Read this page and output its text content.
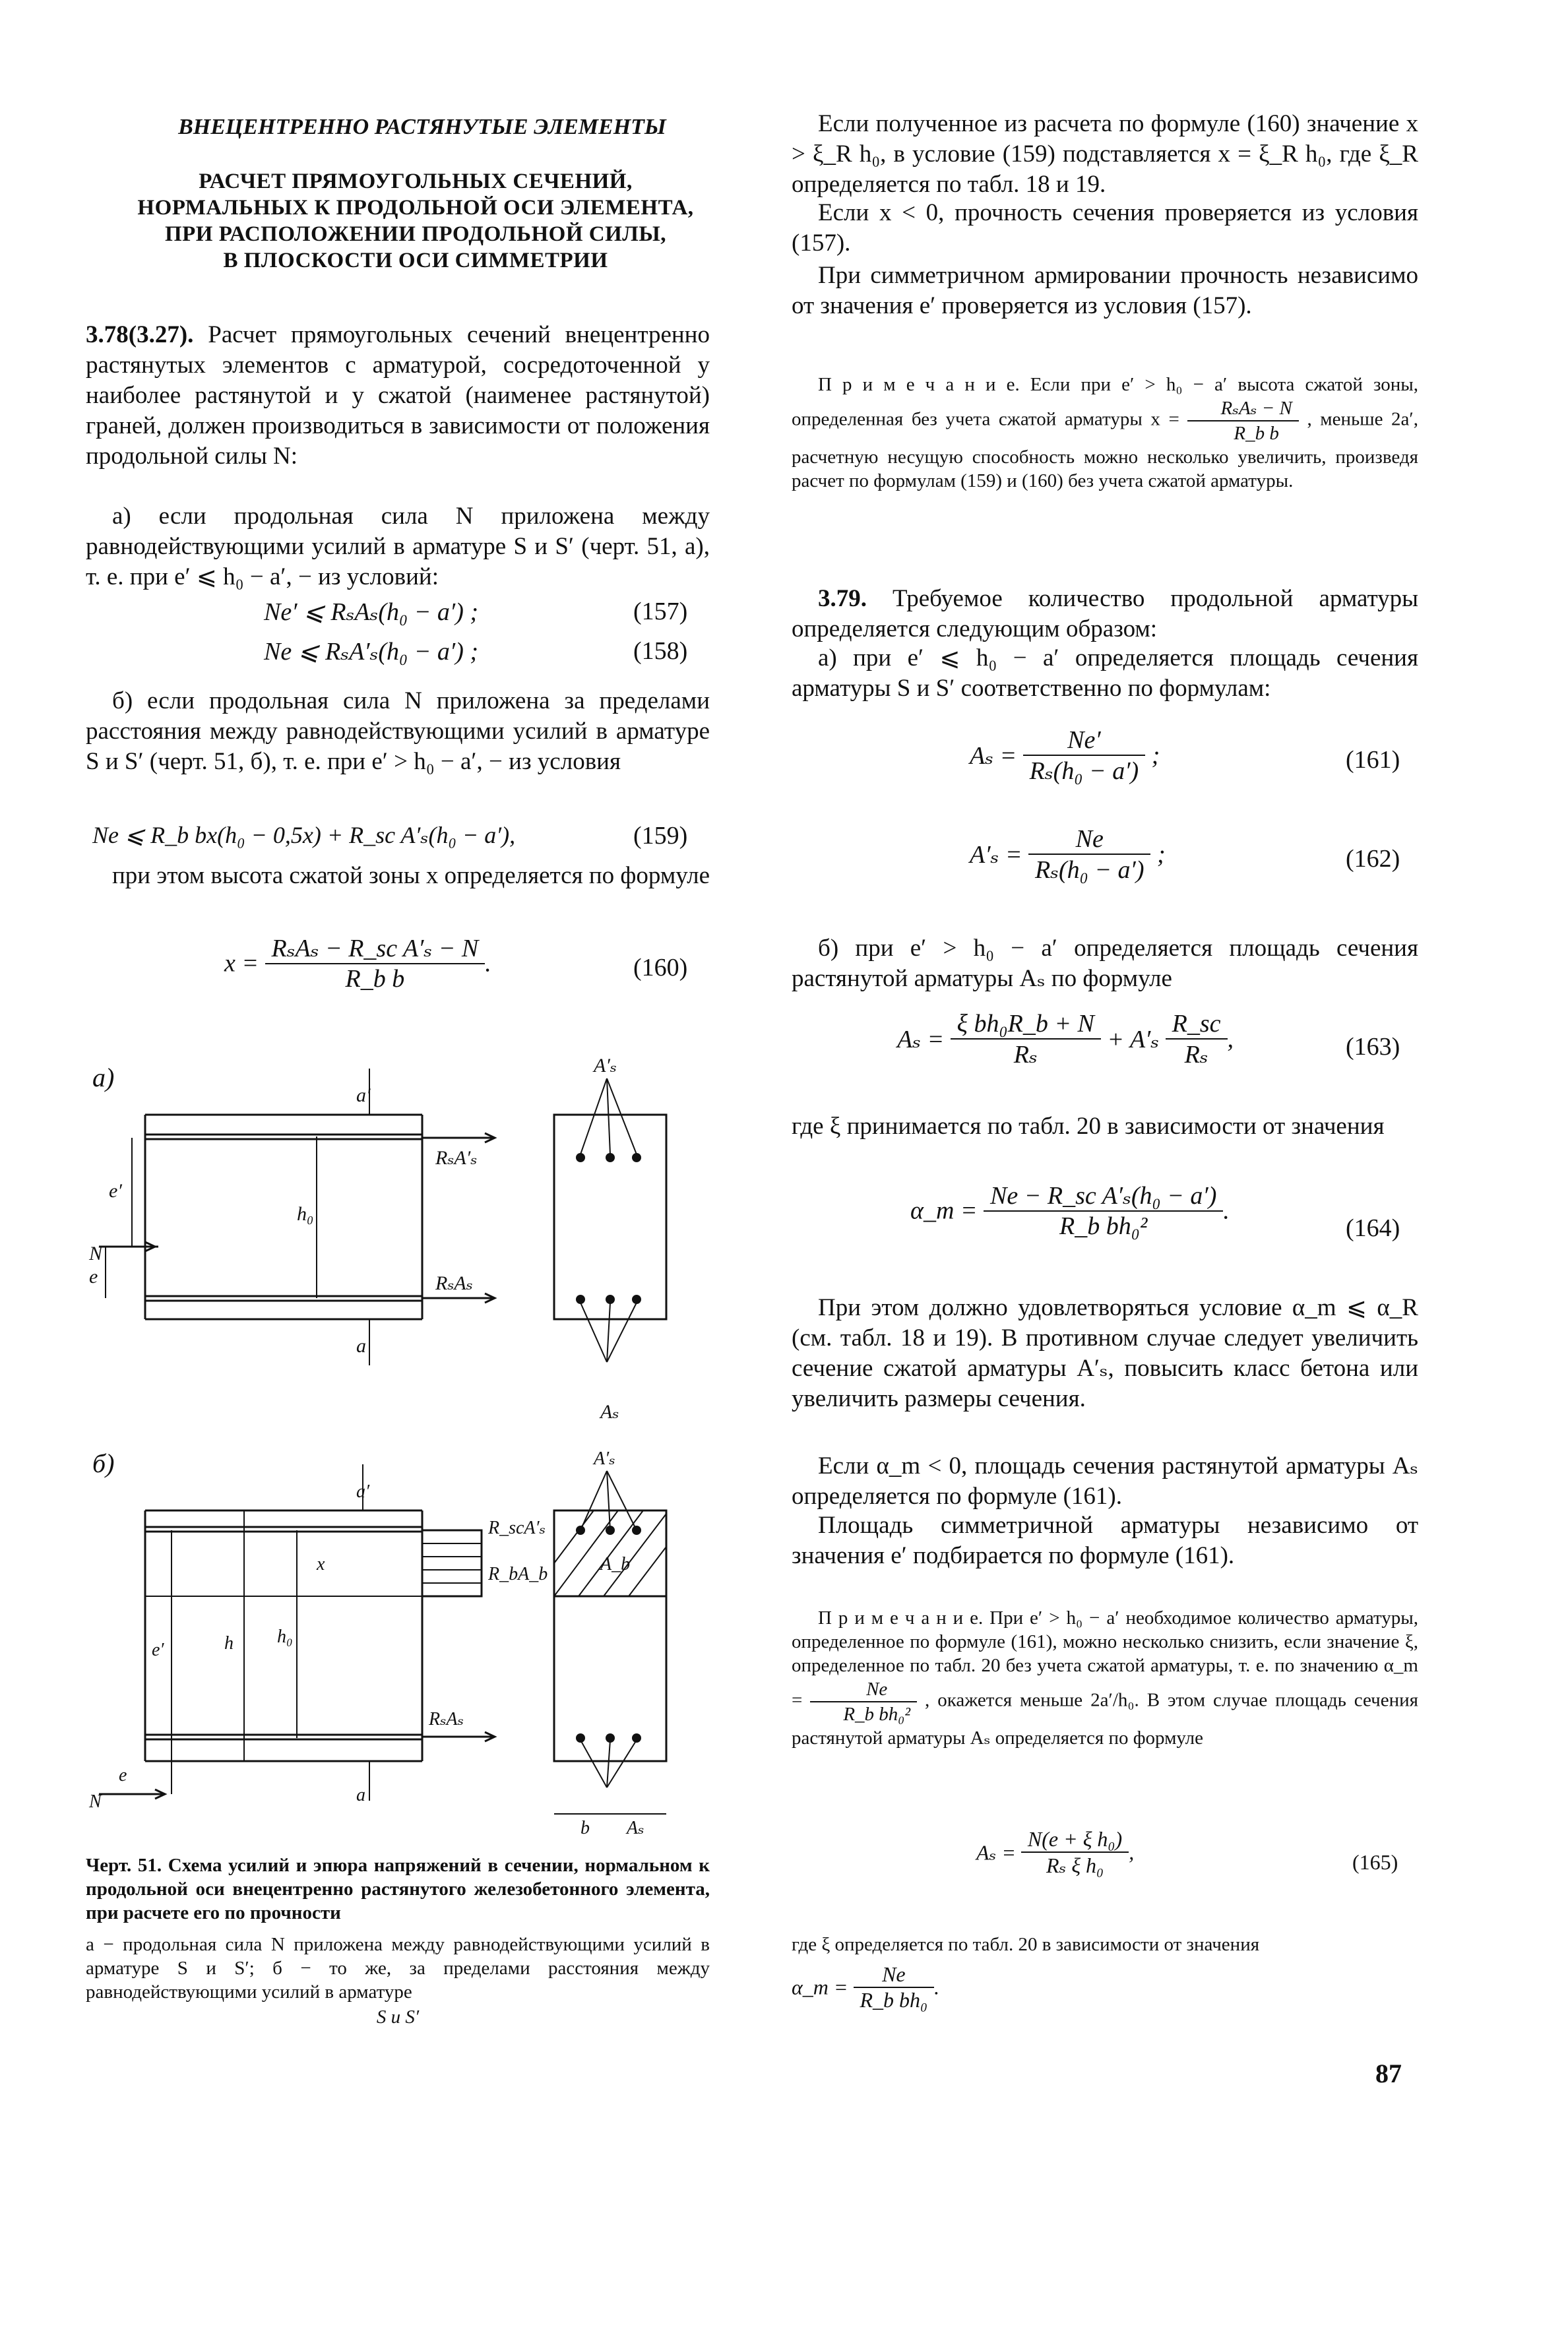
ВНЕЦЕНТРЕННО РАСТЯНУТЫЕ ЭЛЕМЕНТЫ
РАСЧЕТ ПРЯМОУГОЛЬНЫХ СЕЧЕНИЙ,
НОРМАЛЬНЫХ К ПРОДОЛЬНОЙ ОСИ ЭЛЕМЕНТА,
ПРИ РАСПОЛОЖЕНИИ ПРОДОЛЬНОЙ СИЛЫ,
В ПЛОСКОСТИ ОСИ СИММЕТРИИ
3.78(3.27). Расчет прямоугольных сечений внецентренно растянутых элементов с арматурой, сосредоточенной у наиболее растянутой и у сжатой (наименее растянутой) граней, должен производиться в зависимости от положения продольной силы N:
а) если продольная сила N приложена между равнодействующими усилий в арматуре S и S′ (черт. 51, а), т. е. при e′ ⩽ h₀ − a′, − из условий:
Ne′ ⩽ RₛAₛ(h₀ − a′) ;	(157)
Ne ⩽ RₛA′ₛ(h₀ − a′) ;	(158)
б) если продольная сила N приложена за пределами расстояния между равнодействующими усилий в арматуре S и S′ (черт. 51, б), т. е. при e′ > h₀ − a′, − из условия
Ne ⩽ R_b bx(h₀ − 0,5x) + R_sc A′ₛ(h₀ − a′),	(159)
при этом высота сжатой зоны x определяется по формуле
$x = \frac{\text{RₛAₛ − R\_sc A′ₛ − N}}{\text{R\_b b}}$ .	(160)
а)
RₛA′ₛ
RₛAₛ
A′ₛ
Aₛ
h₀
a′
a
e′
N
e
б)
R_scA′ₛ
R_bA_b
RₛAₛ
A′ₛ
A_b
Aₛ
b
h₀
h
a′
x
a
e′
N
e
Черт. 51. Схема усилий и эпюра напряжений в сечении, нормальном к продольной оси внецентренно растянутого железобетонного элемента, при расчете его по прочности
а − продольная сила N приложена между равнодействующими усилий в арматуре S и S′; б − то же, за пределами расстояния между равнодействующими усилий в арматуре
S и S′
Если полученное из расчета по формуле (160) значение x > ξ_R h₀, в условие (159) подставляется x = ξ_R h₀, где ξ_R определяется по табл. 18 и 19.
Если x < 0, прочность сечения проверяется из условия (157).
При симметричном армировании прочность независимо от значения e′ проверяется из условия (157).
П р и м е ч а н и е. Если при e′ > h₀ − a′ высота сжатой зоны, определенная без учета сжатой арматуры $x = \frac{\text{RₛAₛ − N}}{\text{R\_b b}}$ , меньше 2a′, расчетную несущую способность можно несколько увеличить, произведя расчет по формулам (159) и (160) без учета сжатой арматуры.
3.79. Требуемое количество продольной арматуры определяется следующим образом:
а) при e′ ⩽ h₀ − a′ определяется площадь сечения арматуры S и S′ соответственно по формулам:
$A_s = \frac{Ne'}{\text{Rₛ(h₀ − a′)}}$ ;	(161)
$A'_s = \frac{Ne}{\text{Rₛ(h₀ − a′)}}$ ;	(162)
б) при e′ > h₀ − a′ определяется площадь сечения растянутой арматуры Aₛ по формуле
$A_s = \frac{\text{ξ bh₀R\_b + N}}{\text{Rₛ}} + A'_s \frac{R\_sc}{\text{Rₛ}}$ ,	(163)
где ξ принимается по табл. 20 в зависимости от значения
α_m = $\frac{\text{Ne − R\_sc A′ₛ(h₀ − a′)}}{\text{R\_b bh₀²}}$ .
(164)
При этом должно удовлетворяться условие α_m ⩽ α_R (см. табл. 18 и 19). В противном случае следует увеличить сечение сжатой арматуры A′ₛ, повысить класс бетона или увеличить размеры сечения.
Если α_m < 0, площадь сечения растянутой арматуры Aₛ определяется по формуле (161).
Площадь симметричной арматуры независимо от значения e′ подбирается по формуле (161).
П р и м е ч а н и е. При e′ > h₀ − a′ необходимое количество арматуры, определенное по формуле (161), можно несколько снизить, если значение ξ, определенное по табл. 20 без учета сжатой арматуры, т. е. по значению α_m = $\frac{Ne}{\text{R\_b bh₀²}}$ , окажется меньше 2a′/h₀. В этом случае площадь сечения растянутой арматуры Aₛ определяется по формуле
$A_s = \frac{\text{N(e + ξ h₀)}}{\text{Rₛ ξ h₀}}$ ,	(165)
где ξ определяется по табл. 20 в зависимости от значения
α_m = $\frac{Ne}{\text{R\_b bh₀}}$ .
87
